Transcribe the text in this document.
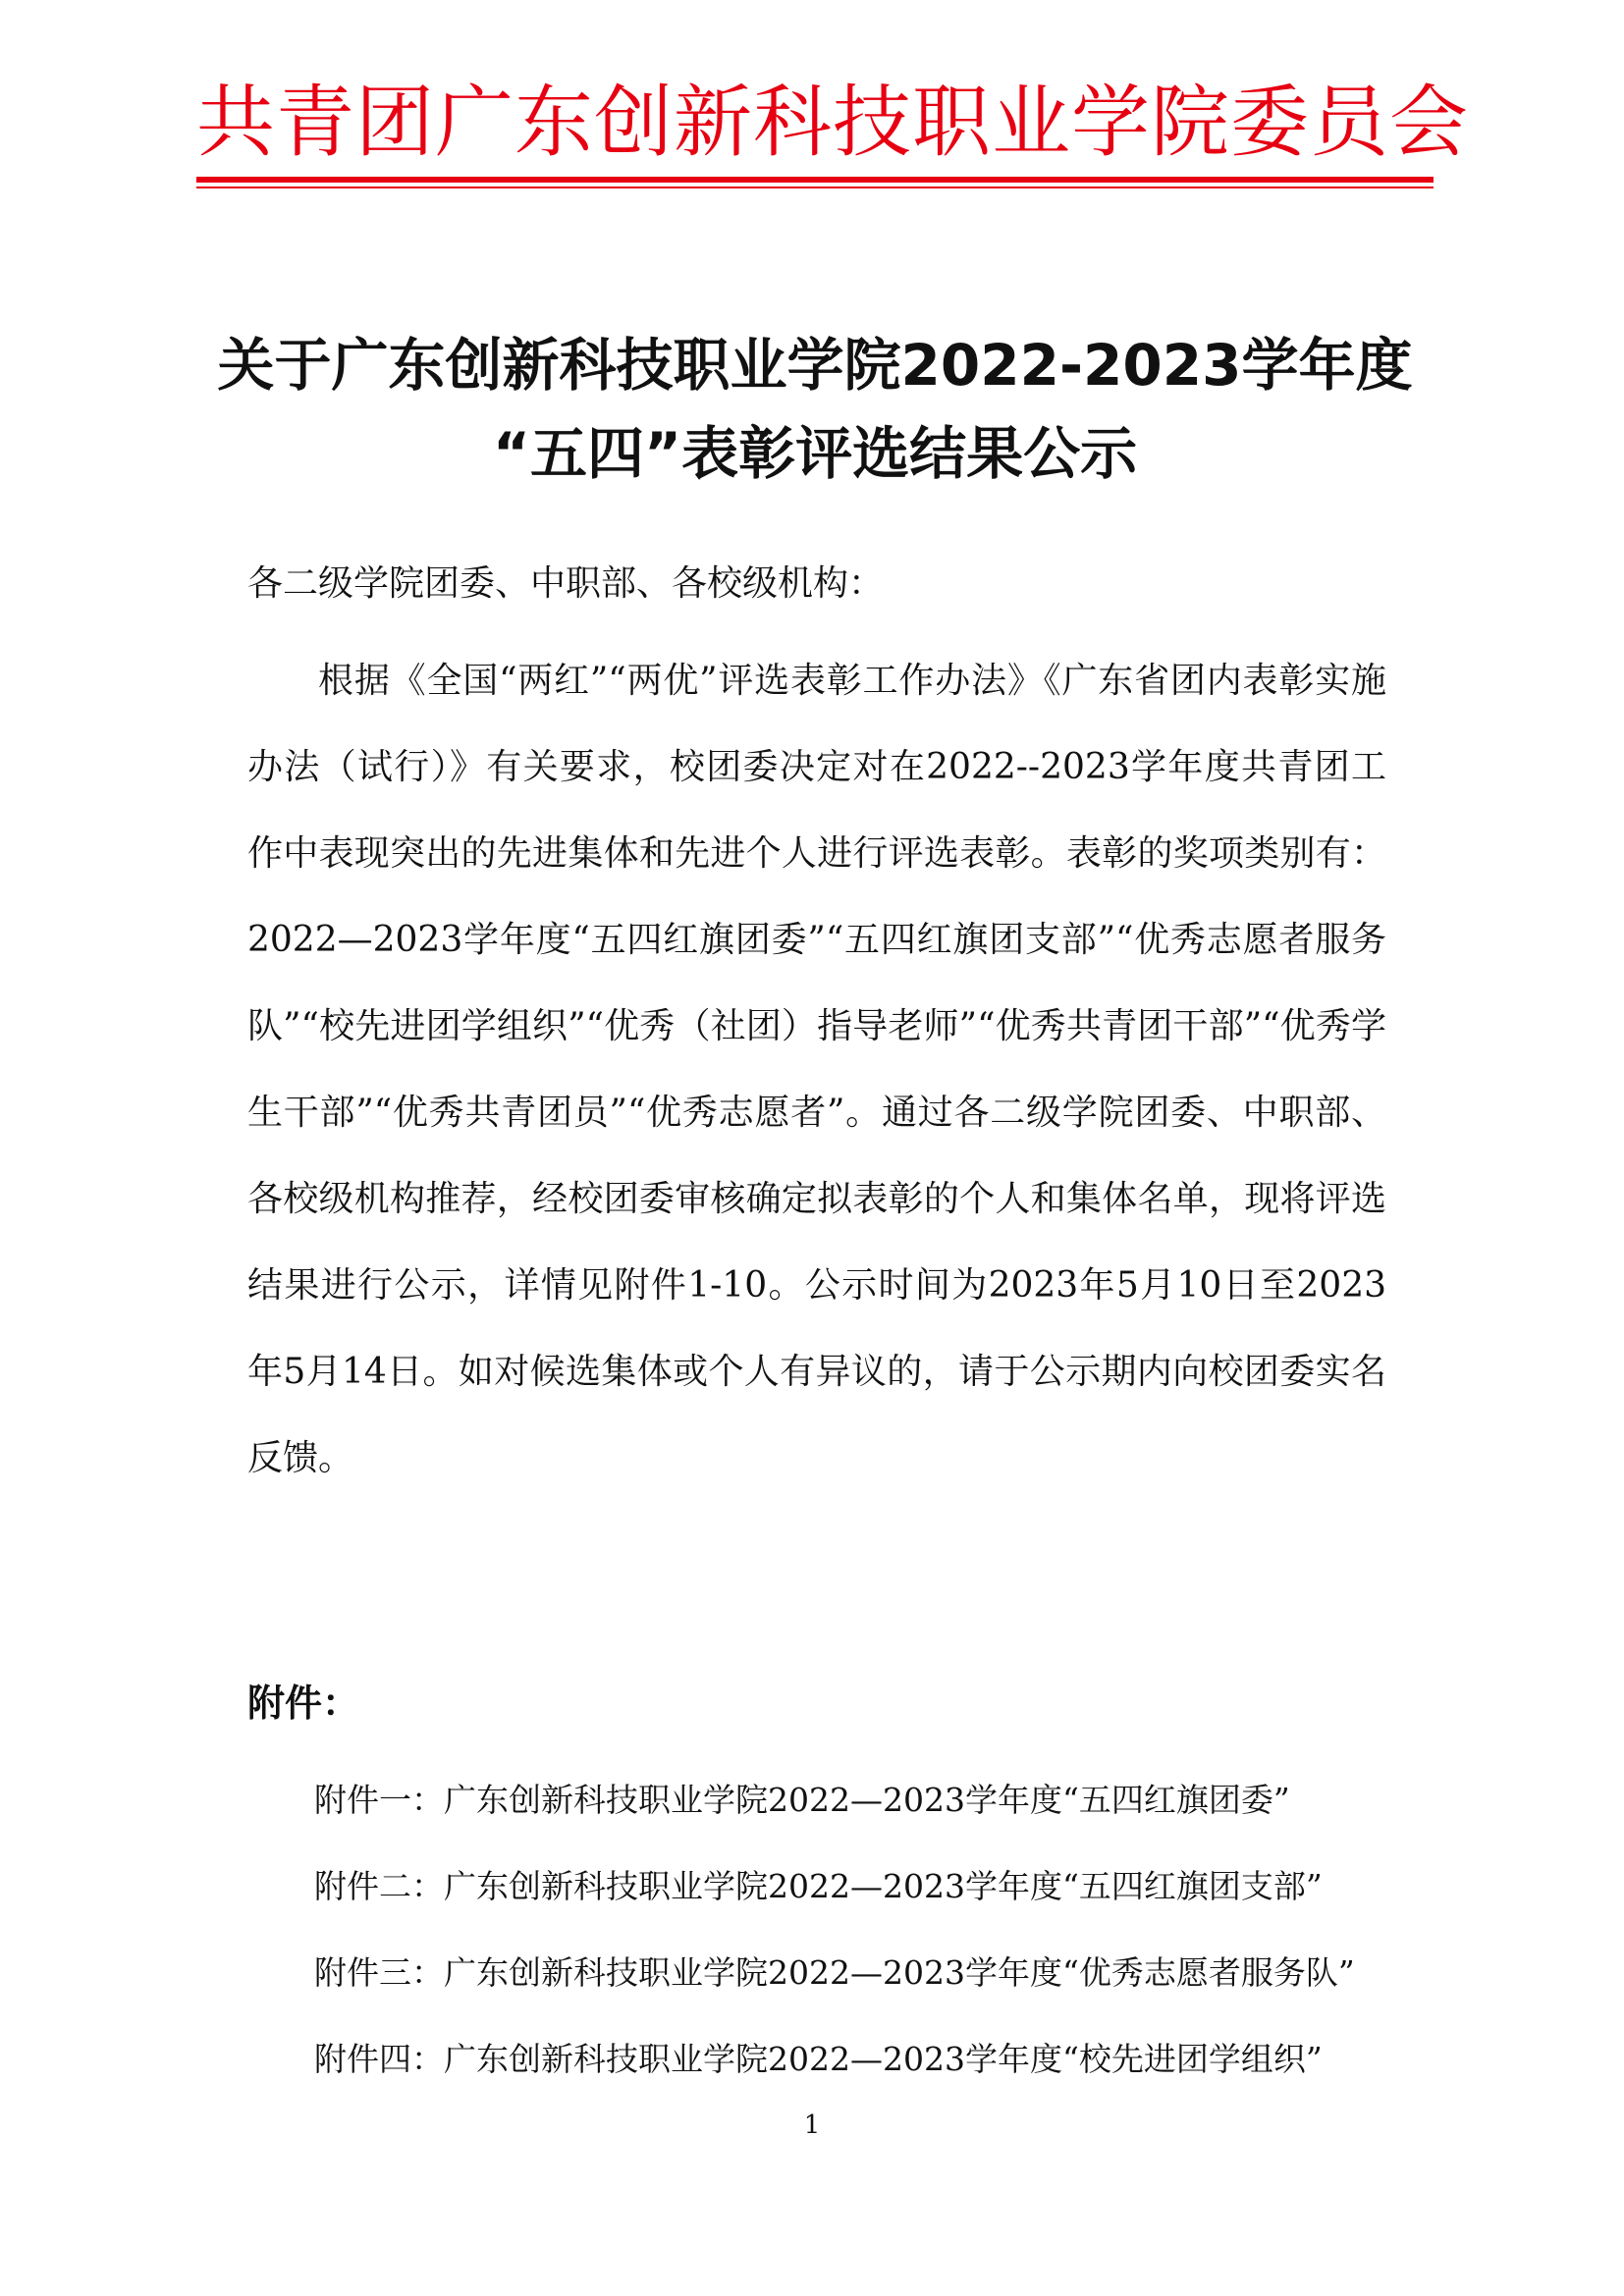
共青团广东创新科技职业学院委员会
关于广东创新科技职业学院2022-2023学年度
“五四”表彰评选结果公示
各二级学院团委、中职部、各校级机构：

根据《全国“两红”“两优”评选表彰工作办法》《广东省团内表彰实施办法（试行）》有关要求，校团委决定对在2022--2023学年度共青团工作中表现突出的先进集体和先进个人进行评选表彰。表彰的奖项类别有：2022—2023学年度“五四红旗团委”“五四红旗团支部”“优秀志愿者服务队”“校先进团学组织”“优秀（社团）指导老师”“优秀共青团干部”“优秀学生干部”“优秀共青团员”“优秀志愿者”。通过各二级学院团委、中职部、各校级机构推荐，经校团委审核确定拟表彰的个人和集体名单，现将评选结果进行公示，详情见附件1-10。公示时间为2023年5月10日至2023年5月14日。如对候选集体或个人有异议的，请于公示期内向校团委实名反馈。

附件：
附件一：广东创新科技职业学院2022—2023学年度“五四红旗团委”
附件二：广东创新科技职业学院2022—2023学年度“五四红旗团支部”
附件三：广东创新科技职业学院2022—2023学年度“优秀志愿者服务队”
附件四：广东创新科技职业学院2022—2023学年度“校先进团学组织”
1
